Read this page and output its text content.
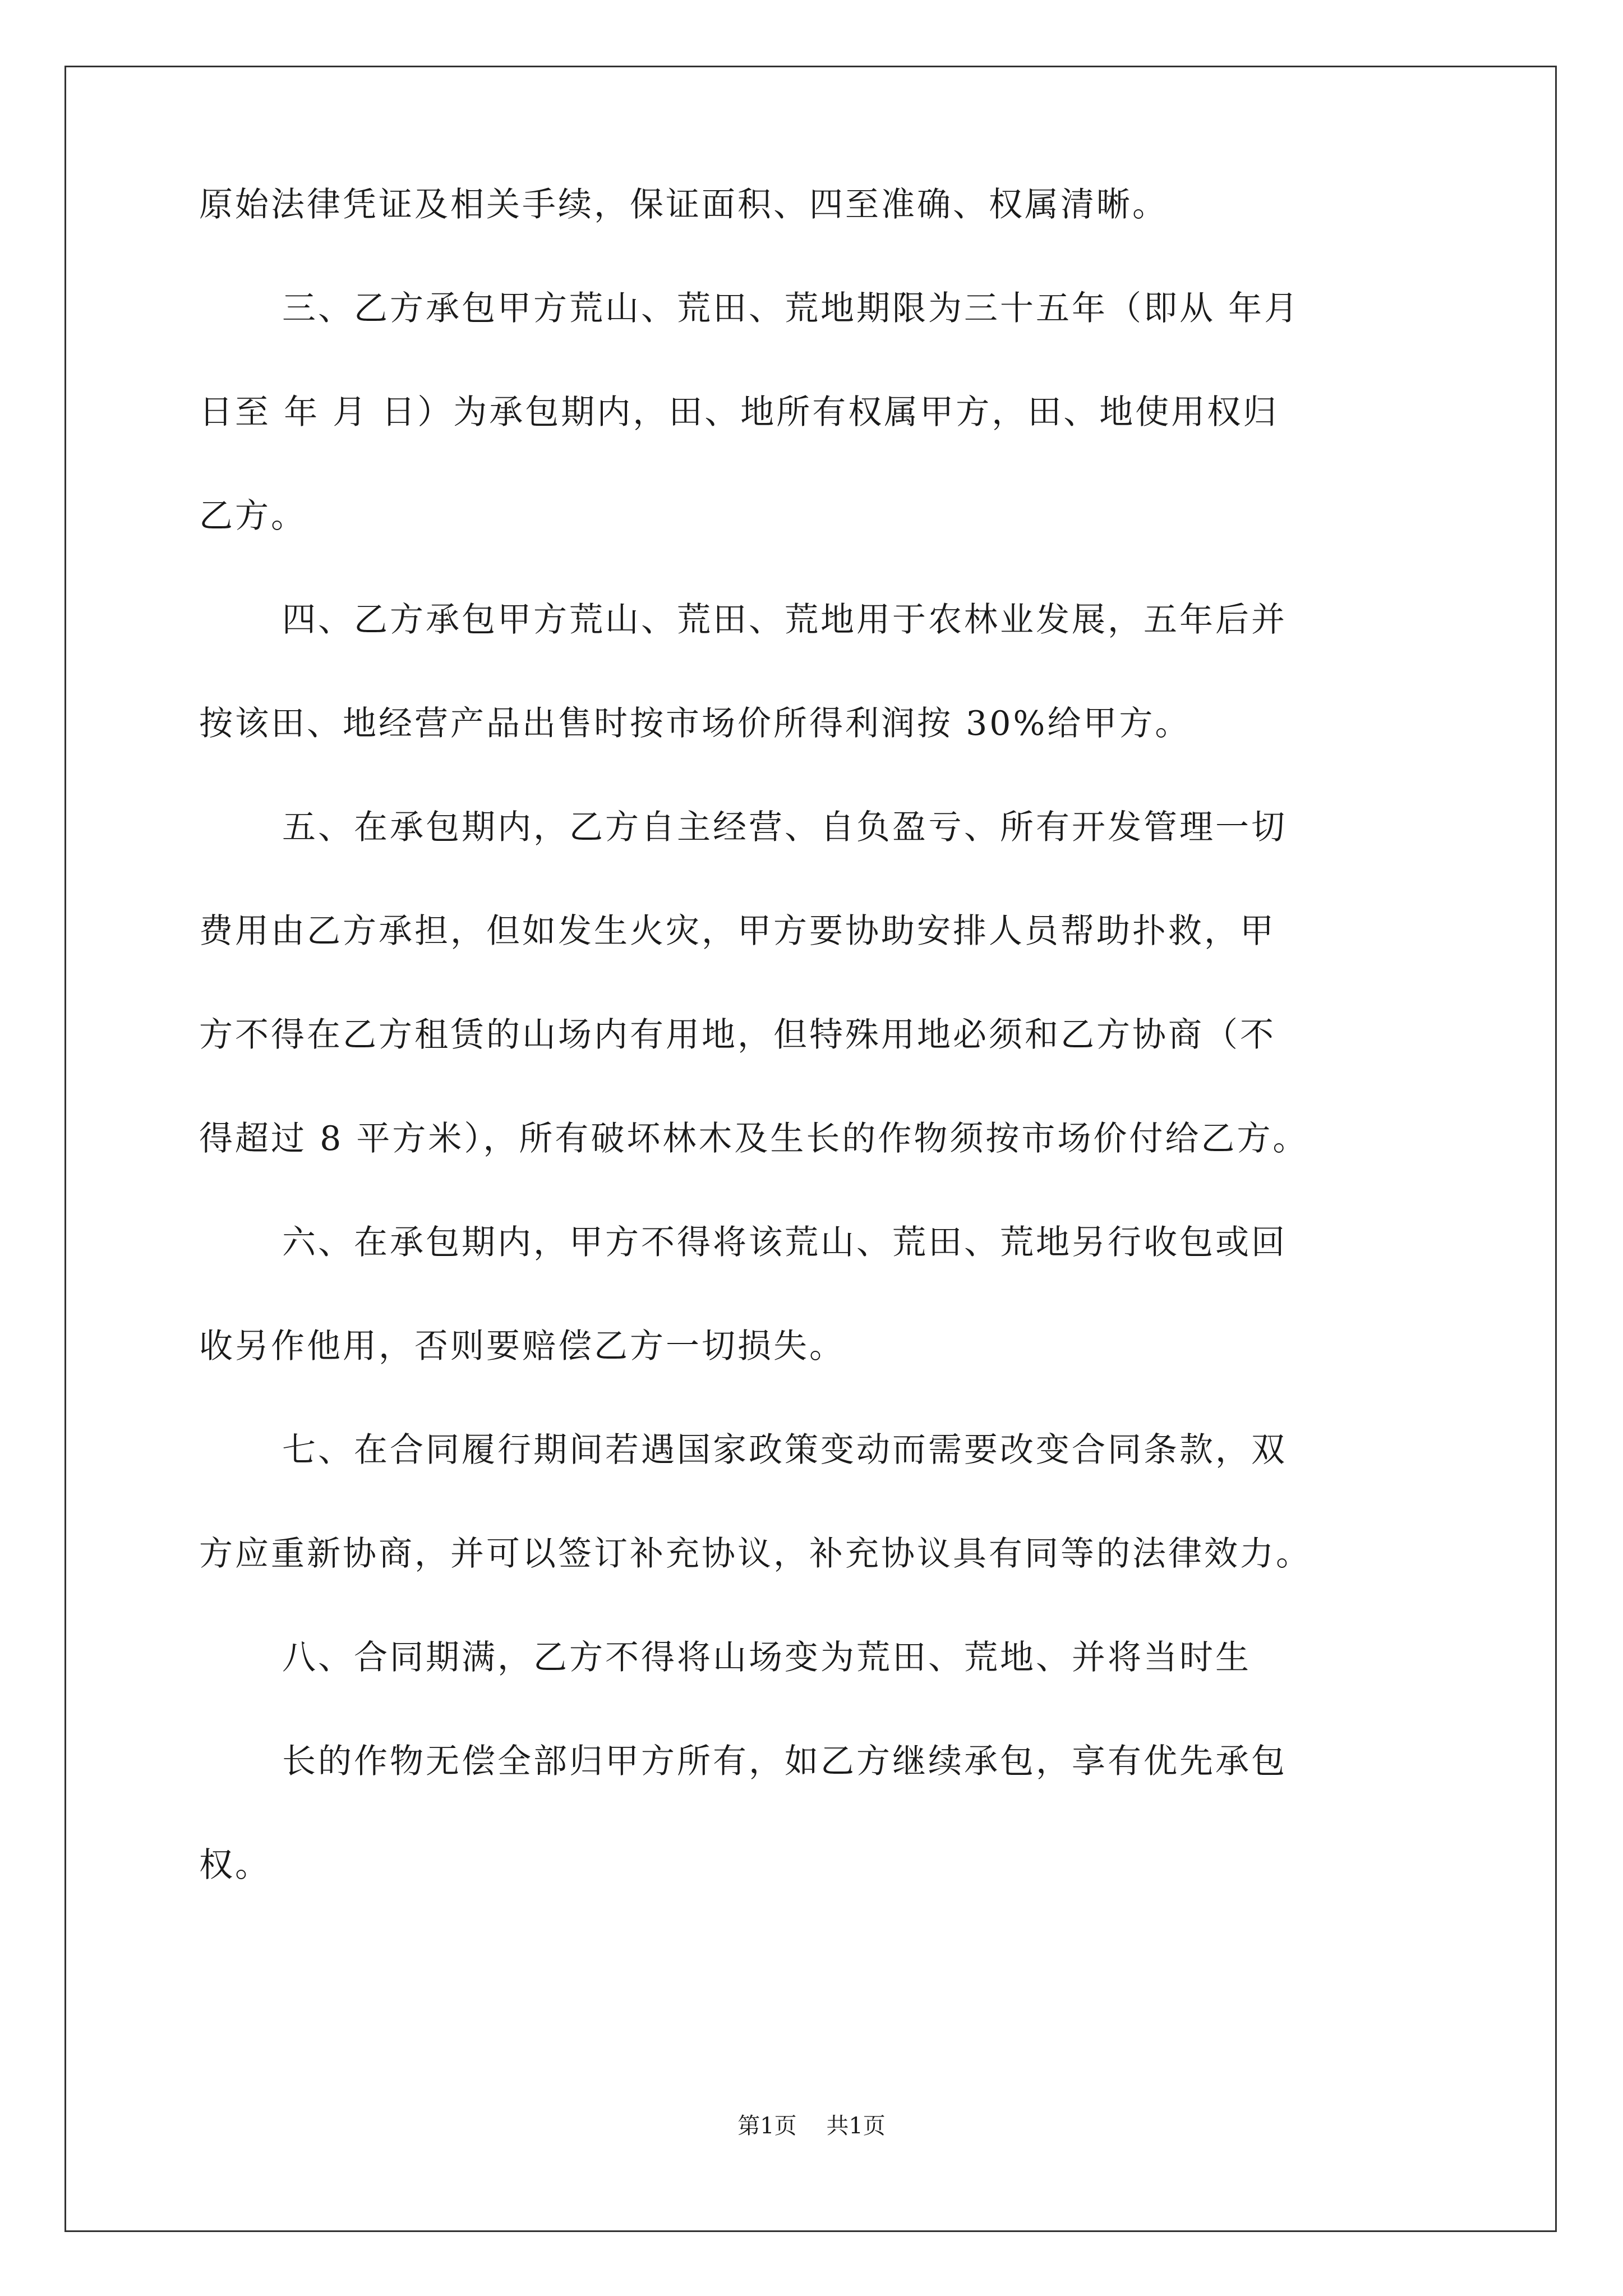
原始法律凭证及相关手续，保证面积、四至准确、权属清晰。
三、乙方承包甲方荒山、荒田、荒地期限为三十五年（即从 年月
日至 年 月 日）为承包期内，田、地所有权属甲方，田、地使用权归
乙方。
四、乙方承包甲方荒山、荒田、荒地用于农林业发展，五年后并
按该田、地经营产品出售时按市场价所得利润按 30%给甲方。
五、在承包期内，乙方自主经营、自负盈亏、所有开发管理一切
费用由乙方承担，但如发生火灾，甲方要协助安排人员帮助扑救，甲
方不得在乙方租赁的山场内有用地，但特殊用地必须和乙方协商（不
得超过 8 平方米），所有破坏林木及生长的作物须按市场价付给乙方。
六、在承包期内，甲方不得将该荒山、荒田、荒地另行收包或回
收另作他用，否则要赔偿乙方一切损失。
七、在合同履行期间若遇国家政策变动而需要改变合同条款，双
方应重新协商，并可以签订补充协议，补充协议具有同等的法律效力。
八、合同期满，乙方不得将山场变为荒田、荒地、并将当时生
长的作物无偿全部归甲方所有，如乙方继续承包，享有优先承包
权。
第1页 共1页
